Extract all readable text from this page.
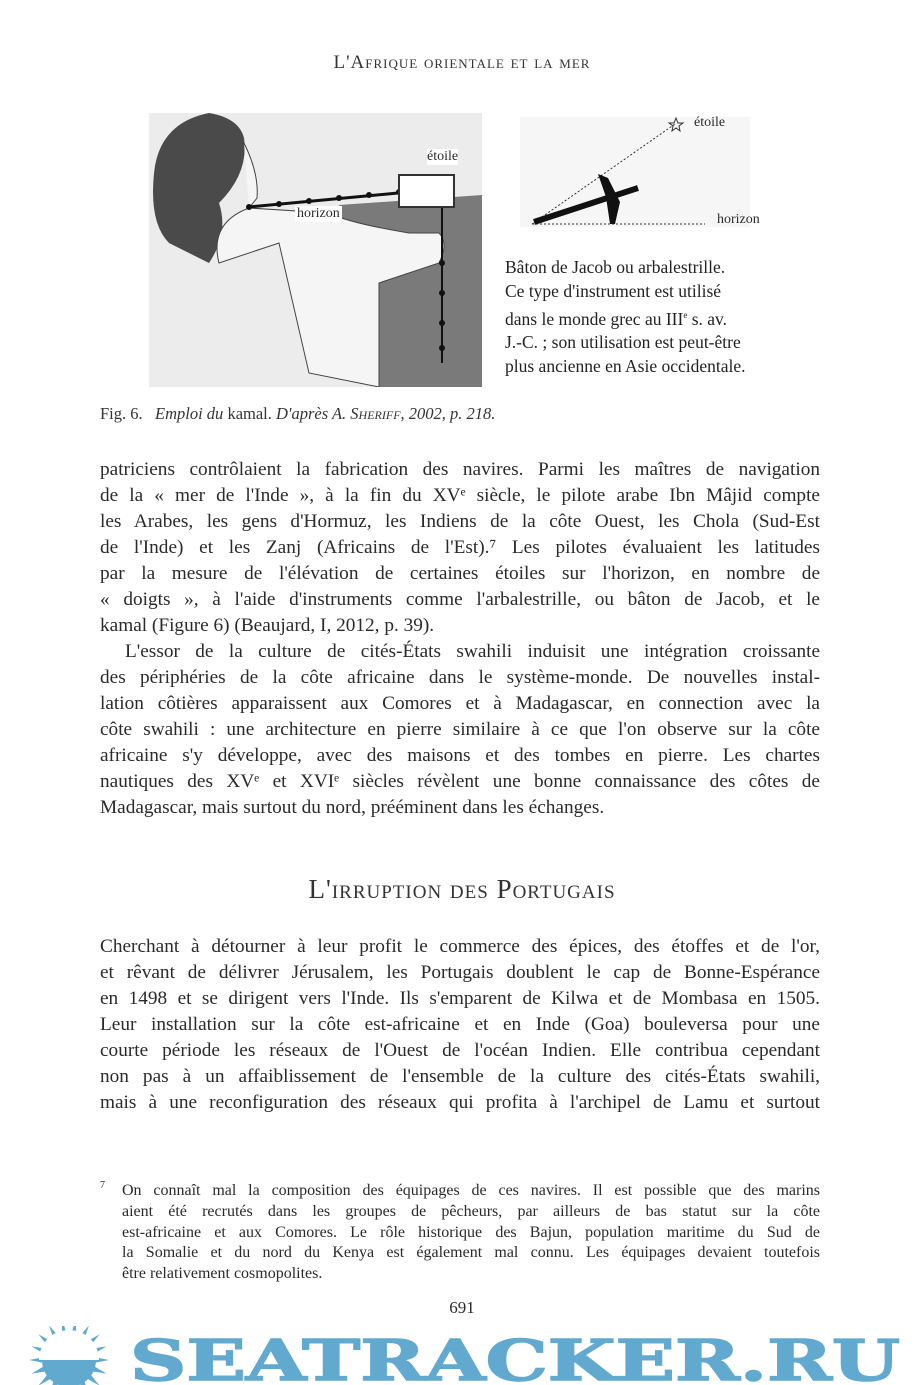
L'Afrique orientale et la mer
étoile
horizon
étoile
horizon
Bâton de Jacob ou arbalestrille.
Ce type d'instrument est utilisé
dans le monde grec au IIIe s. av.
J.-C. ; son utilisation est peut-être
plus ancienne en Asie occidentale.
Fig. 6. Emploi du kamal. D'après A. Sheriff, 2002, p. 218.
patriciens contrôlaient la fabrication des navires. Parmi les maîtres de navigation
de la « mer de l'Inde », à la fin du XVᵉ siècle, le pilote arabe Ibn Mâjid compte
les Arabes, les gens d'Hormuz, les Indiens de la côte Ouest, les Chola (Sud-Est
de l'Inde) et les Zanj (Africains de l'Est).⁷ Les pilotes évaluaient les latitudes
par la mesure de l'élévation de certaines étoiles sur l'horizon, en nombre de
« doigts », à l'aide d'instruments comme l'arbalestrille, ou bâton de Jacob, et le
kamal (Figure 6) (Beaujard, I, 2012, p. 39).
L'essor de la culture de cités-États swahili induisit une intégration croissante
des périphéries de la côte africaine dans le système-monde. De nouvelles instal-
lation côtières apparaissent aux Comores et à Madagascar, en connection avec la
côte swahili : une architecture en pierre similaire à ce que l'on observe sur la côte
africaine s'y développe, avec des maisons et des tombes en pierre. Les chartes
nautiques des XVᵉ et XVIᵉ siècles révèlent une bonne connaissance des côtes de
Madagascar, mais surtout du nord, prééminent dans les échanges.
L'irruption des Portugais
Cherchant à détourner à leur profit le commerce des épices, des étoffes et de l'or,
et rêvant de délivrer Jérusalem, les Portugais doublent le cap de Bonne-Espérance
en 1498 et se dirigent vers l'Inde. Ils s'emparent de Kilwa et de Mombasa en 1505.
Leur installation sur la côte est-africaine et en Inde (Goa) bouleversa pour une
courte période les réseaux de l'Ouest de l'océan Indien. Elle contribua cependant
non pas à un affaiblissement de l'ensemble de la culture des cités-États swahili,
mais à une reconfiguration des réseaux qui profita à l'archipel de Lamu et surtout
7 On connaît mal la composition des équipages de ces navires. Il est possible que des marins
aient été recrutés dans les groupes de pêcheurs, par ailleurs de bas statut sur la côte
est-africaine et aux Comores. Le rôle historique des Bajun, population maritime du Sud de
la Somalie et du nord du Kenya est également mal connu. Les équipages devaient toutefois
être relativement cosmopolites.
691
SEATRACKER.RU
